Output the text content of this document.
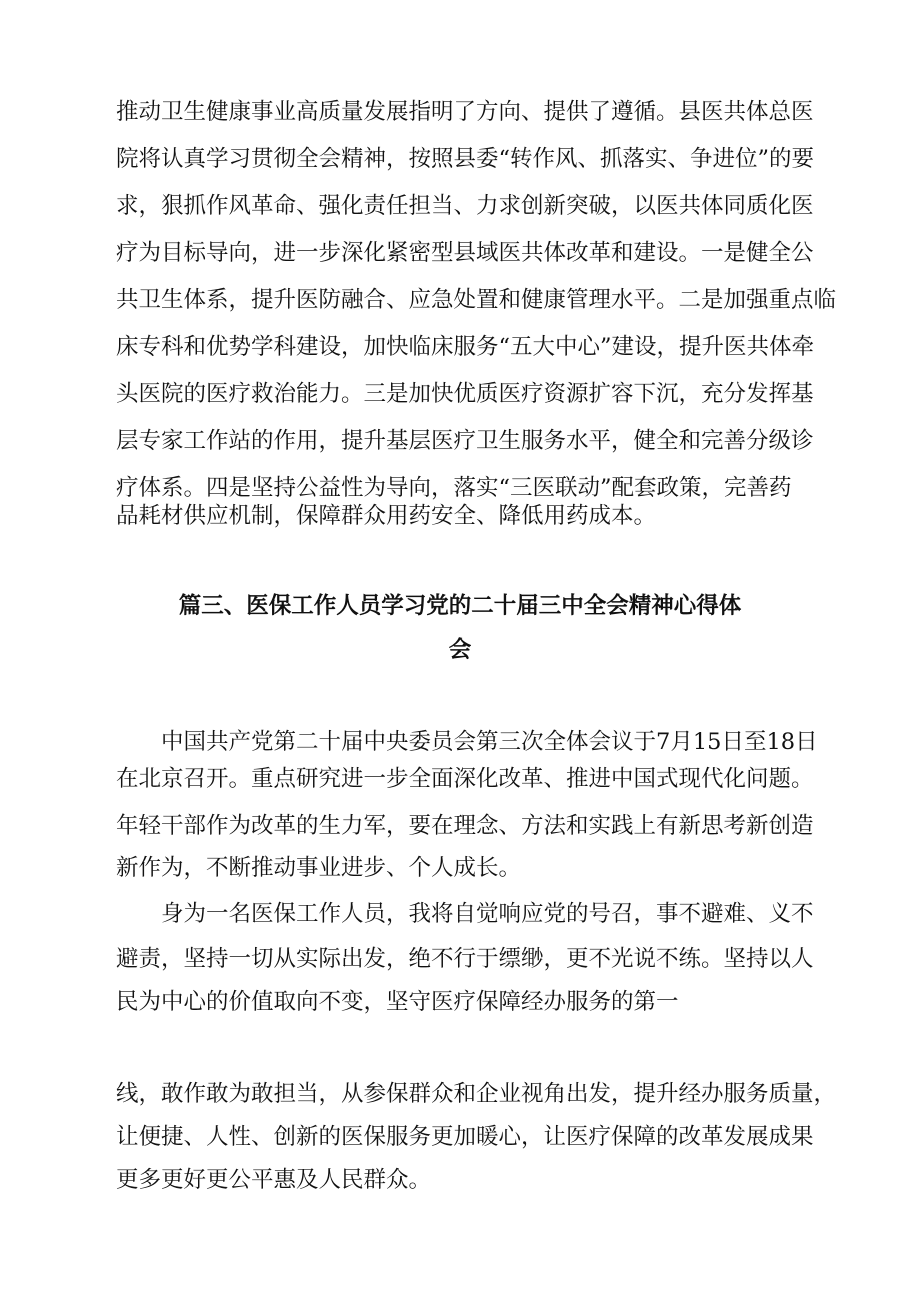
推动卫生健康事业高质量发展指明了方向、提供了遵循。县医共体总医
院将认真学习贯彻全会精神，按照县委“转作风、抓落实、争进位”的要
求，狠抓作风革命、强化责任担当、力求创新突破，以医共体同质化医
疗为目标导向，进一步深化紧密型县域医共体改革和建设。一是健全公
共卫生体系，提升医防融合、应急处置和健康管理水平。二是加强重点临
床专科和优势学科建设，加快临床服务“五大中心”建设，提升医共体牵
头医院的医疗救治能力。三是加快优质医疗资源扩容下沉，充分发挥基
层专家工作站的作用，提升基层医疗卫生服务水平，健全和完善分级诊
疗体系。四是坚持公益性为导向，落实“三医联动”配套政策，完善药
品耗材供应机制，保障群众用药安全、降低用药成本。
篇三、医保工作人员学习党的二十届三中全会精神心得体
会
中国共产党第二十届中央委员会第三次全体会议于7月15日至18日
在北京召开。重点研究进一步全面深化改革、推进中国式现代化问题。
年轻干部作为改革的生力军，要在理念、方法和实践上有新思考新创造
新作为，不断推动事业进步、个人成长。
身为一名医保工作人员，我将自觉响应党的号召，事不避难、义不
避责，坚持一切从实际出发，绝不行于缥缈，更不光说不练。坚持以人
民为中心的价值取向不变，坚守医疗保障经办服务的第一
线，敢作敢为敢担当，从参保群众和企业视角出发，提升经办服务质量，
让便捷、人性、创新的医保服务更加暖心，让医疗保障的改革发展成果
更多更好更公平惠及人民群众。
